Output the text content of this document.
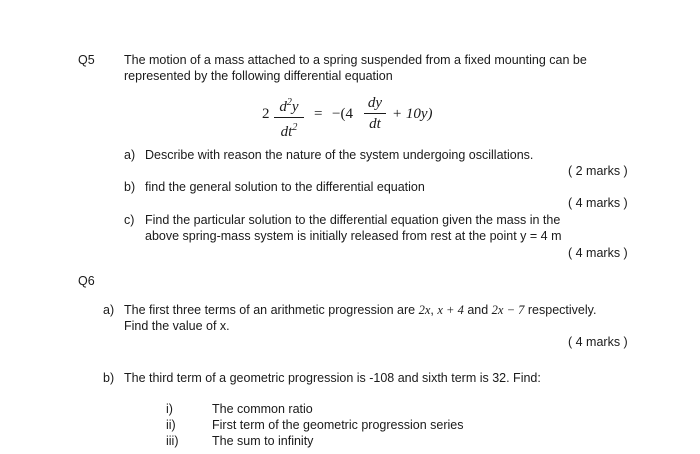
Q5 The motion of a mass attached to a spring suspended from a fixed mounting can be
represented by the following differential equation
2 $d^2y$
$dt^2$
= −(4
dy
dt
+ 10y)
a) Describe with reason the nature of the system undergoing oscillations.
( 2 marks )
b) find the general solution to the differential equation
( 4 marks )
c) Find the particular solution to the differential equation given the mass in the
above spring-mass system is initially released from rest at the point y = 4 m
( 4 marks )
Q6
a) The first three terms of an arithmetic progression are 2x, x + 4 and 2x − 7 respectively.
Find the value of x.
( 4 marks )
b) The third term of a geometric progression is -108 and sixth term is 32. Find:
i)	The common ratio
ii)	First term of the geometric progression series
iii)	The sum to infinity
